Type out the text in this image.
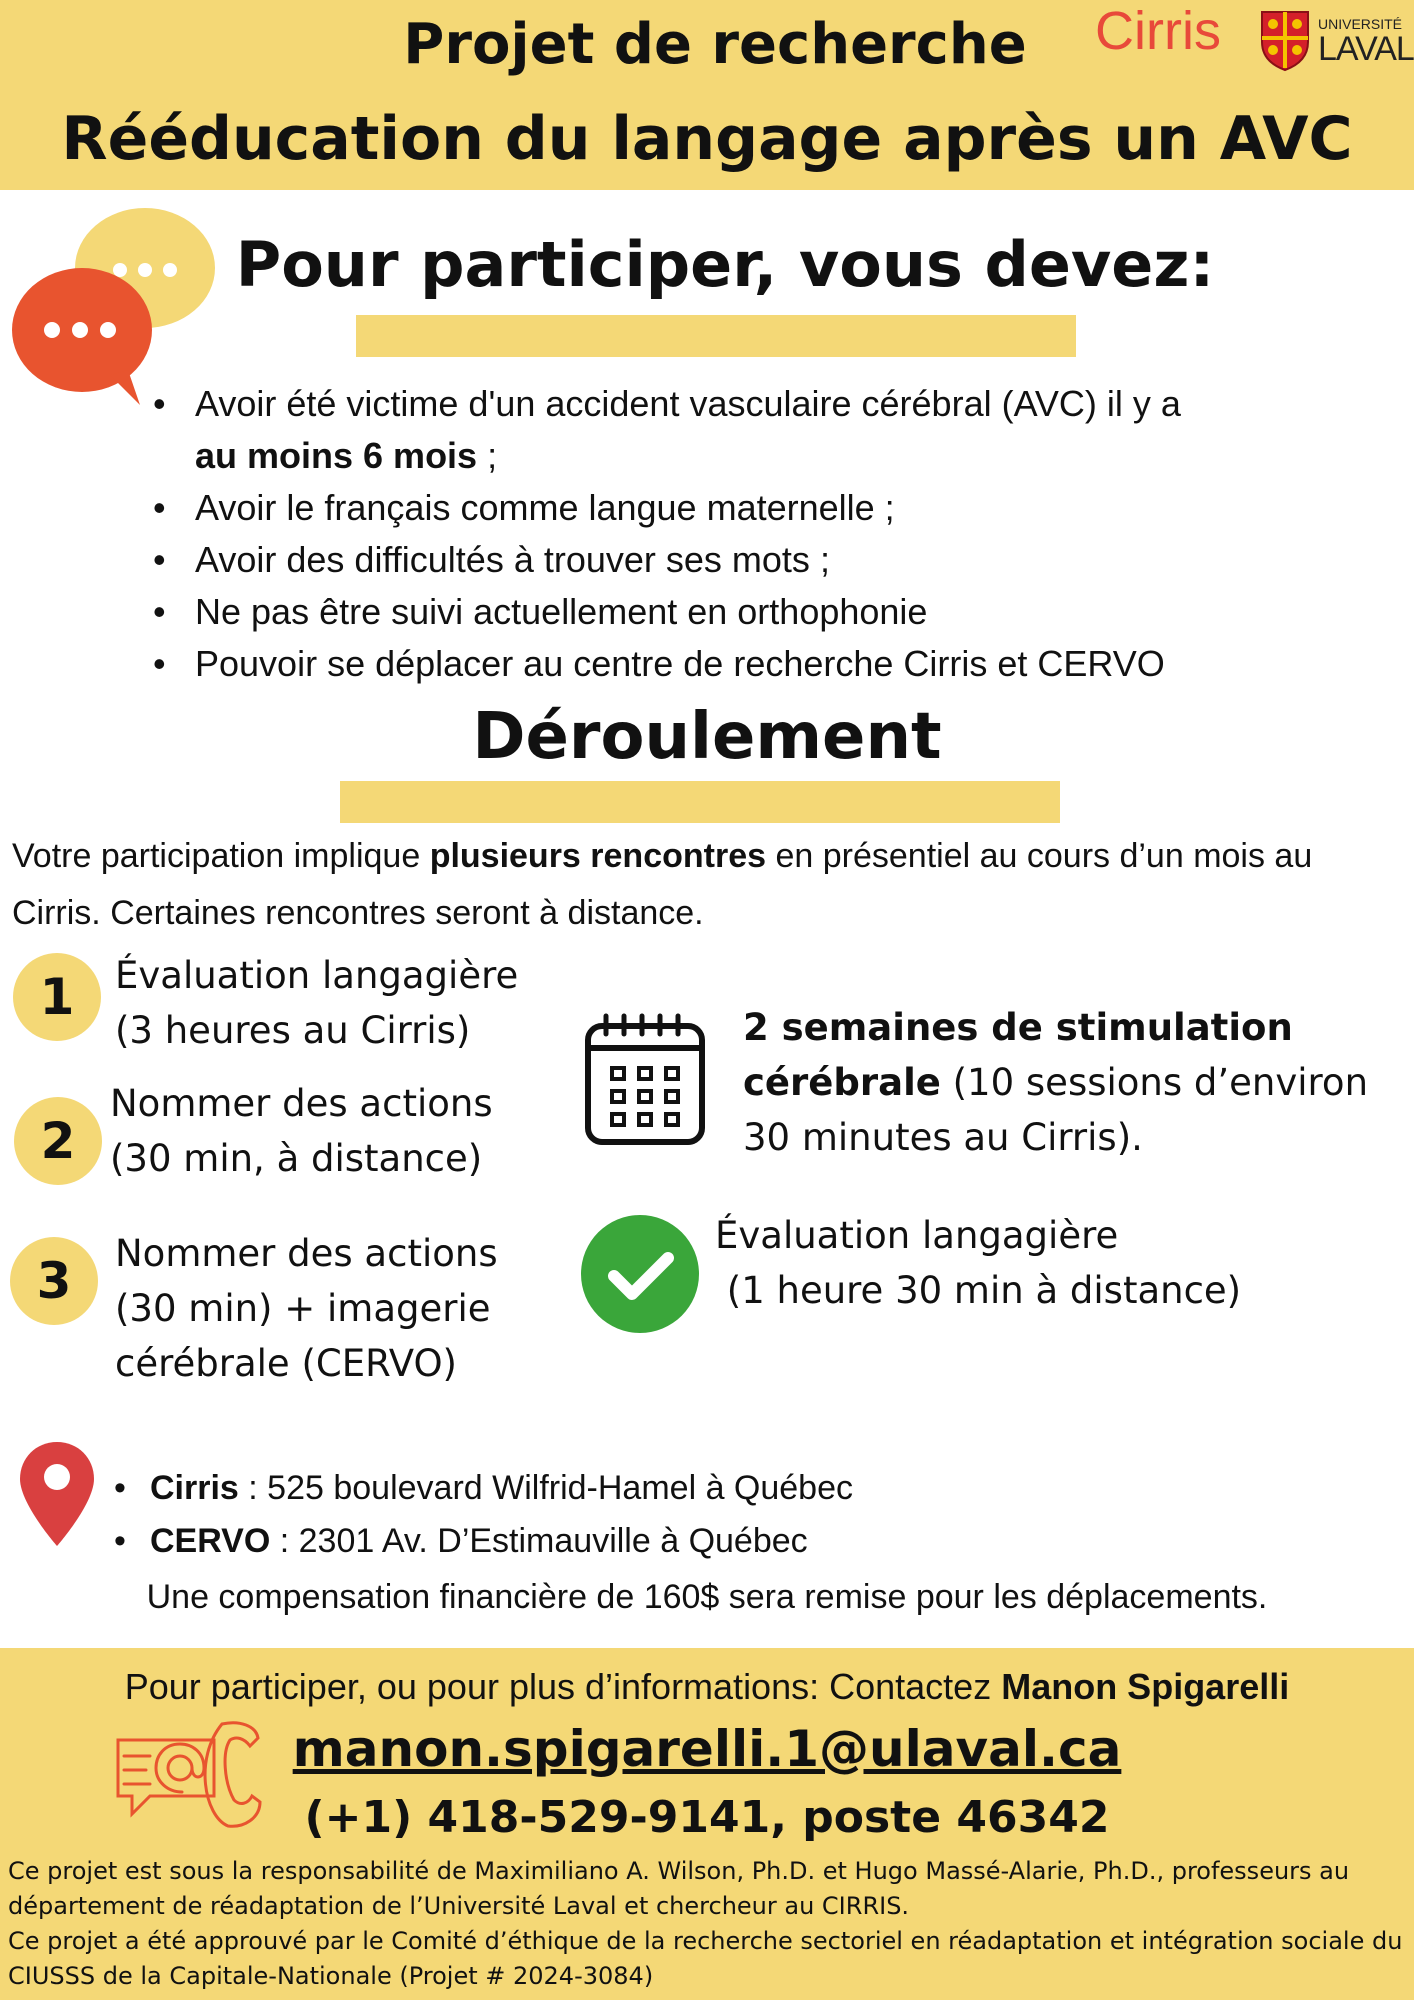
Projet de recherche
Rééducation du langage après un AVC
Cirris	UNIVERSITÉ
LAVAL
Pour participer, vous devez:
• Avoir été victime d'un accident vasculaire cérébral (AVC) il y a
au moins 6 mois ;
• Avoir le français comme langue maternelle ;
• Avoir des difficultés à trouver ses mots ;
• Ne pas être suivi actuellement en orthophonie
• Pouvoir se déplacer au centre de recherche Cirris et CERVO
Déroulement
Votre participation implique plusieurs rencontres en présentiel au cours d’un mois au Cirris. Certaines rencontres seront à distance.
1	Évaluation langagière
(3 heures au Cirris)
2
Nommer des actions
(30 min, à distance)
3	Nommer des actions
(30 min) + imagerie
cérébrale (CERVO)
2 semaines de stimulation cérébrale (10 sessions d’environ 30 minutes au Cirris).
Évaluation langagière
(1 heure 30 min à distance)
• Cirris : 525 boulevard Wilfrid-Hamel à Québec
• CERVO : 2301 Av. D’Estimauville à Québec
Une compensation financière de 160$ sera remise pour les déplacements.
Pour participer, ou pour plus d’informations: Contactez Manon Spigarelli
manon.spigarelli.1@ulaval.ca
(+1) 418-529-9141, poste 46342
Ce projet est sous la responsabilité de Maximiliano A. Wilson, Ph.D. et Hugo Massé-Alarie, Ph.D., professeurs au département de réadaptation de l’Université Laval et chercheur au CIRRIS.
Ce projet a été approuvé par le Comité d’éthique de la recherche sectoriel en réadaptation et intégration sociale du CIUSSS de la Capitale-Nationale (Projet # 2024-3084)
